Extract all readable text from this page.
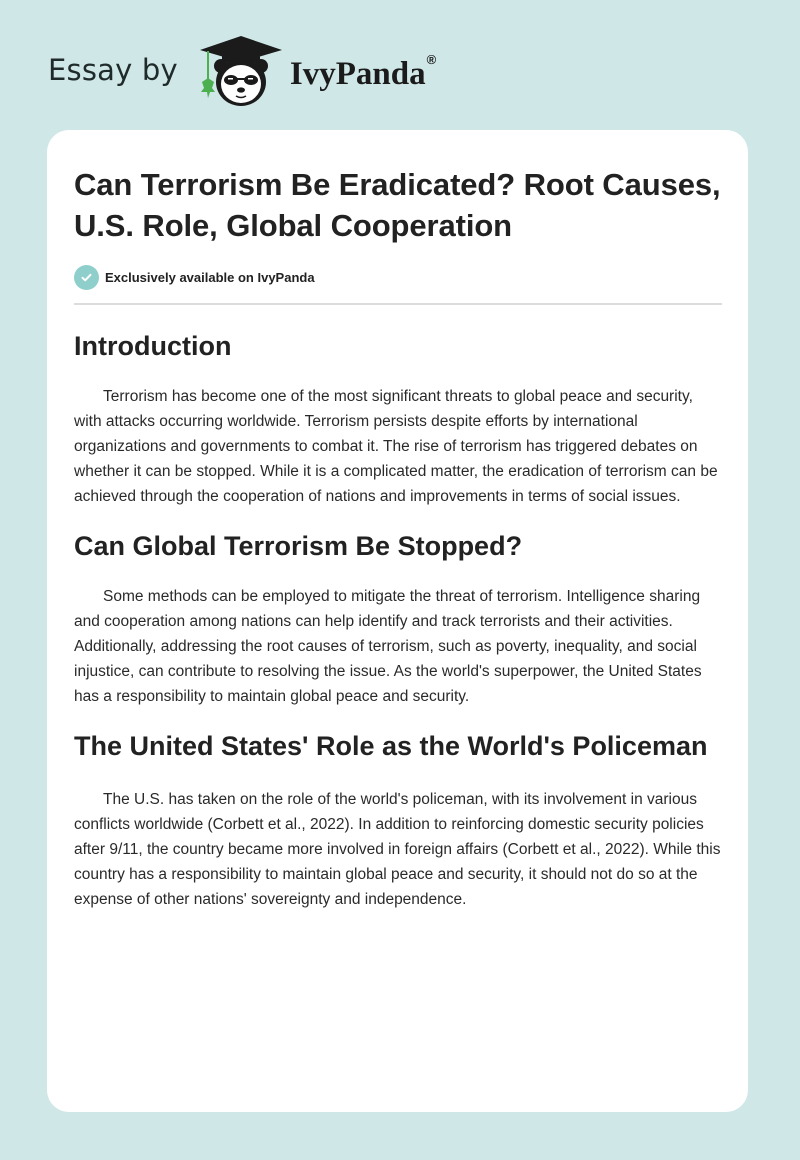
Essay by	IvyPanda®
Can Terrorism Be Eradicated? Root Causes, U.S. Role, Global Cooperation
Exclusively available on IvyPanda
Introduction

Terrorism has become one of the most significant threats to global peace and security, with attacks occurring worldwide. Terrorism persists despite efforts by international organizations and governments to combat it. The rise of terrorism has triggered debates on whether it can be stopped. While it is a complicated matter, the eradication of terrorism can be achieved through the cooperation of nations and improvements in terms of social issues.

Can Global Terrorism Be Stopped?

Some methods can be employed to mitigate the threat of terrorism. Intelligence sharing and cooperation among nations can help identify and track terrorists and their activities. Additionally, addressing the root causes of terrorism, such as poverty, inequality, and social injustice, can contribute to resolving the issue. As the world's superpower, the United States has a responsibility to maintain global peace and security.

The United States' Role as the World's Policeman

The U.S. has taken on the role of the world's policeman, with its involvement in various conflicts worldwide (Corbett et al., 2022). In addition to reinforcing domestic security policies after 9/11, the country became more involved in foreign affairs (Corbett et al., 2022). While this country has a responsibility to maintain global peace and security, it should not do so at the expense of other nations' sovereignty and independence.
